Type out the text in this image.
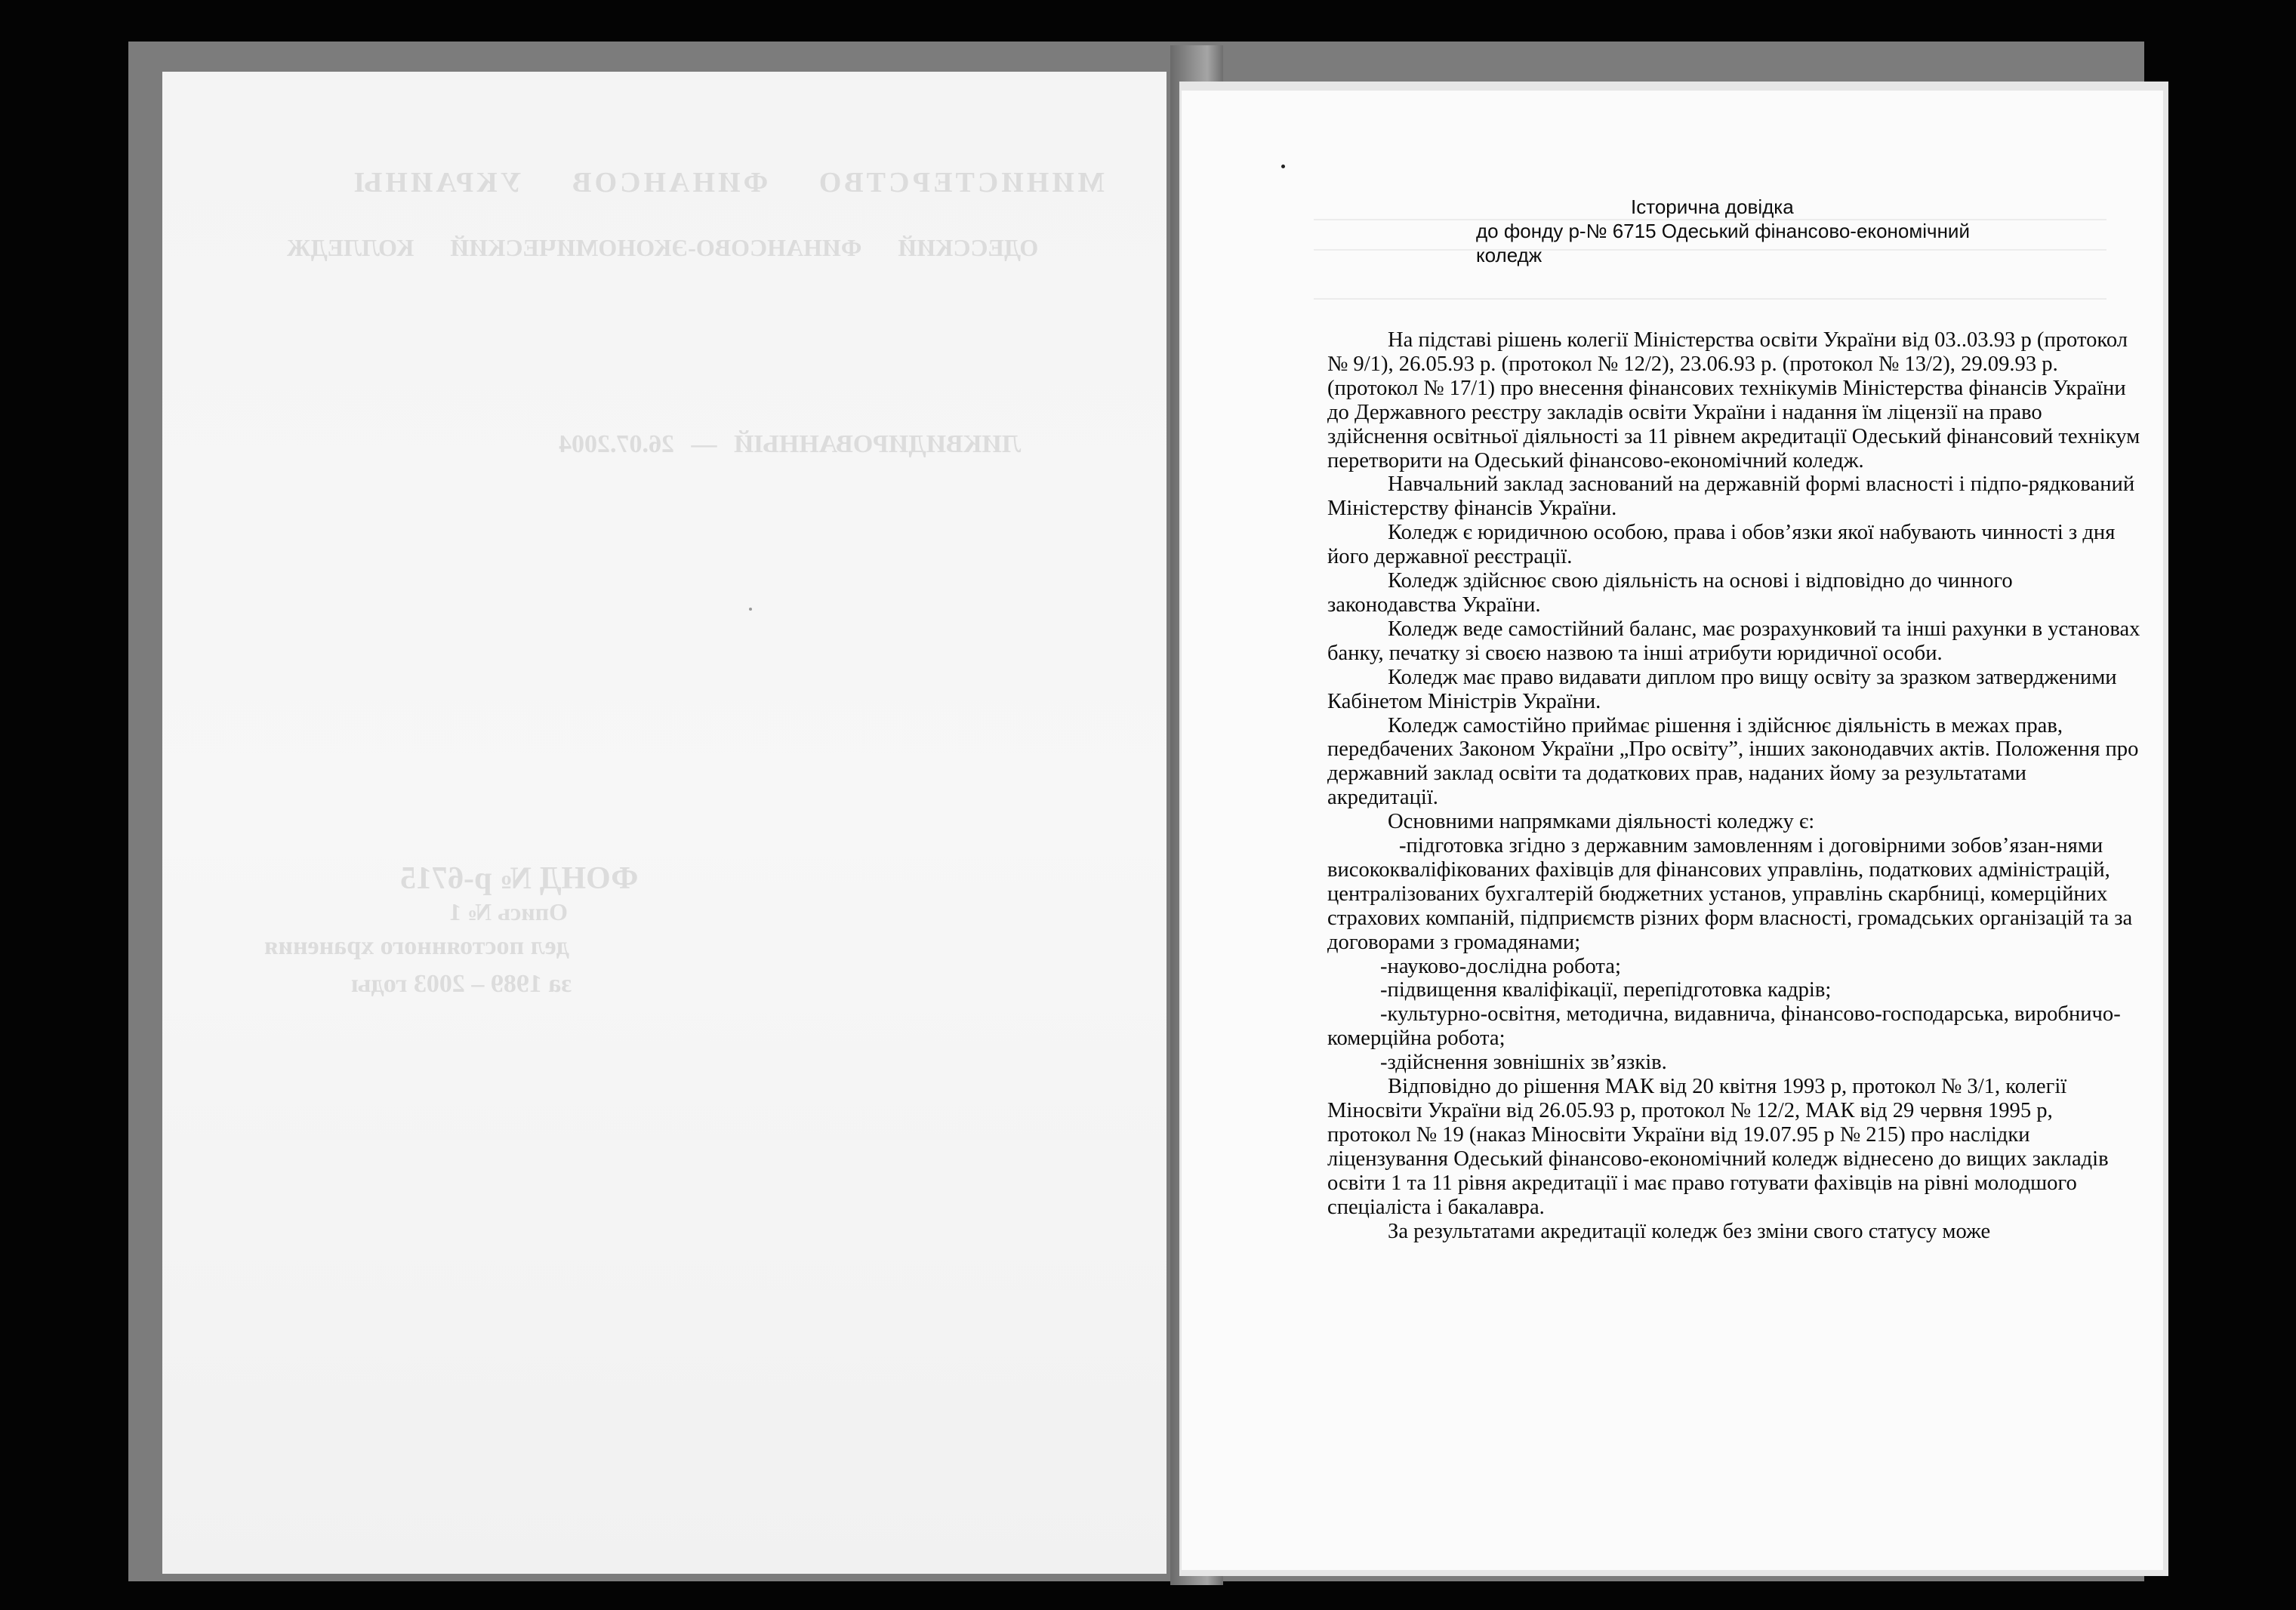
МИНИСТЕРСТВО ФИНАНСОВ УКРАИНЫ
ОДЕССКИЙ ФИНАНСОВО-ЭКОНОМИЧЕСКИЙ КОЛЛЕДЖ
ЛИКВИДИРОВАННЫЙ — 26.07.2004
ФОНД № р-6715
Опись № 1
дел постоянного хранения
за 1989 – 2003 годы
Історична довідка
до фонду р-№ 6715 Одеський фінансово-економічний
коледж

На підставі рішень колегії Міністерства освіти України від 03..03.93 р (протокол № 9/1), 26.05.93 р. (протокол № 12/2), 23.06.93 р. (протокол № 13/2), 29.09.93 р.(протокол № 17/1) про внесення фінансових технікумів Міністерства фінансів України до Державного реєстру закладів освіти України і надання їм ліцензії на право здійснення освітньої діяльності за 11 рівнем акредитації Одеський фінансовий технікум перетворити на Одеський фінансово-економічний коледж.

Навчальний заклад заснований на державній формі власності і підпо-рядкований Міністерству фінансів України.

Коледж є юридичною особою, права і обов’язки якої набувають чинності з дня його державної реєстрації.

Коледж здійснює свою діяльність на основі і відповідно до чинного законодавства України.

Коледж веде самостійний баланс, має розрахунковий та інші рахунки в установах банку, печатку зі своєю назвою та інші атрибути юридичної особи.

Коледж має право видавати диплом про вищу освіту за зразком затвердженими Кабінетом Міністрів України.

Коледж самостійно приймає рішення і здійснює діяльність в межах прав, передбачених Законом України „Про освіту”, інших законодавчих актів. Положення про державний заклад освіти та додаткових прав, наданих йому за результатами акредитації.

Основними напрямками діяльності коледжу є:

-підготовка згідно з державним замовленням і договірними зобов’язан-нями висококваліфікованих фахівців для фінансових управлінь, податкових адміністрацій, централізованих бухгалтерій бюджетних установ, управлінь скарбниці, комерційних страхових компаній, підприємств різних форм власності, громадських організацій та за договорами з громадянами;

-науково-дослідна робота;

-підвищення кваліфікації, перепідготовка кадрів;

-культурно-освітня, методична, видавнича, фінансово-господарська, виробничо-комерційна робота;

-здійснення зовнішніх зв’язків.

Відповідно до рішення МАК від 20 квітня 1993 р, протокол № 3/1, колегії Міносвіти України від 26.05.93 р, протокол № 12/2, МАК від 29 червня 1995 р, протокол № 19 (наказ Міносвіти України від 19.07.95 р № 215) про наслідки ліцензування Одеський фінансово-економічний коледж віднесено до вищих закладів освіти 1 та 11 рівня акредитації і має право готувати фахівців на рівні молодшого спеціаліста і бакалавра.

За результатами акредитації коледж без зміни свого статусу може
